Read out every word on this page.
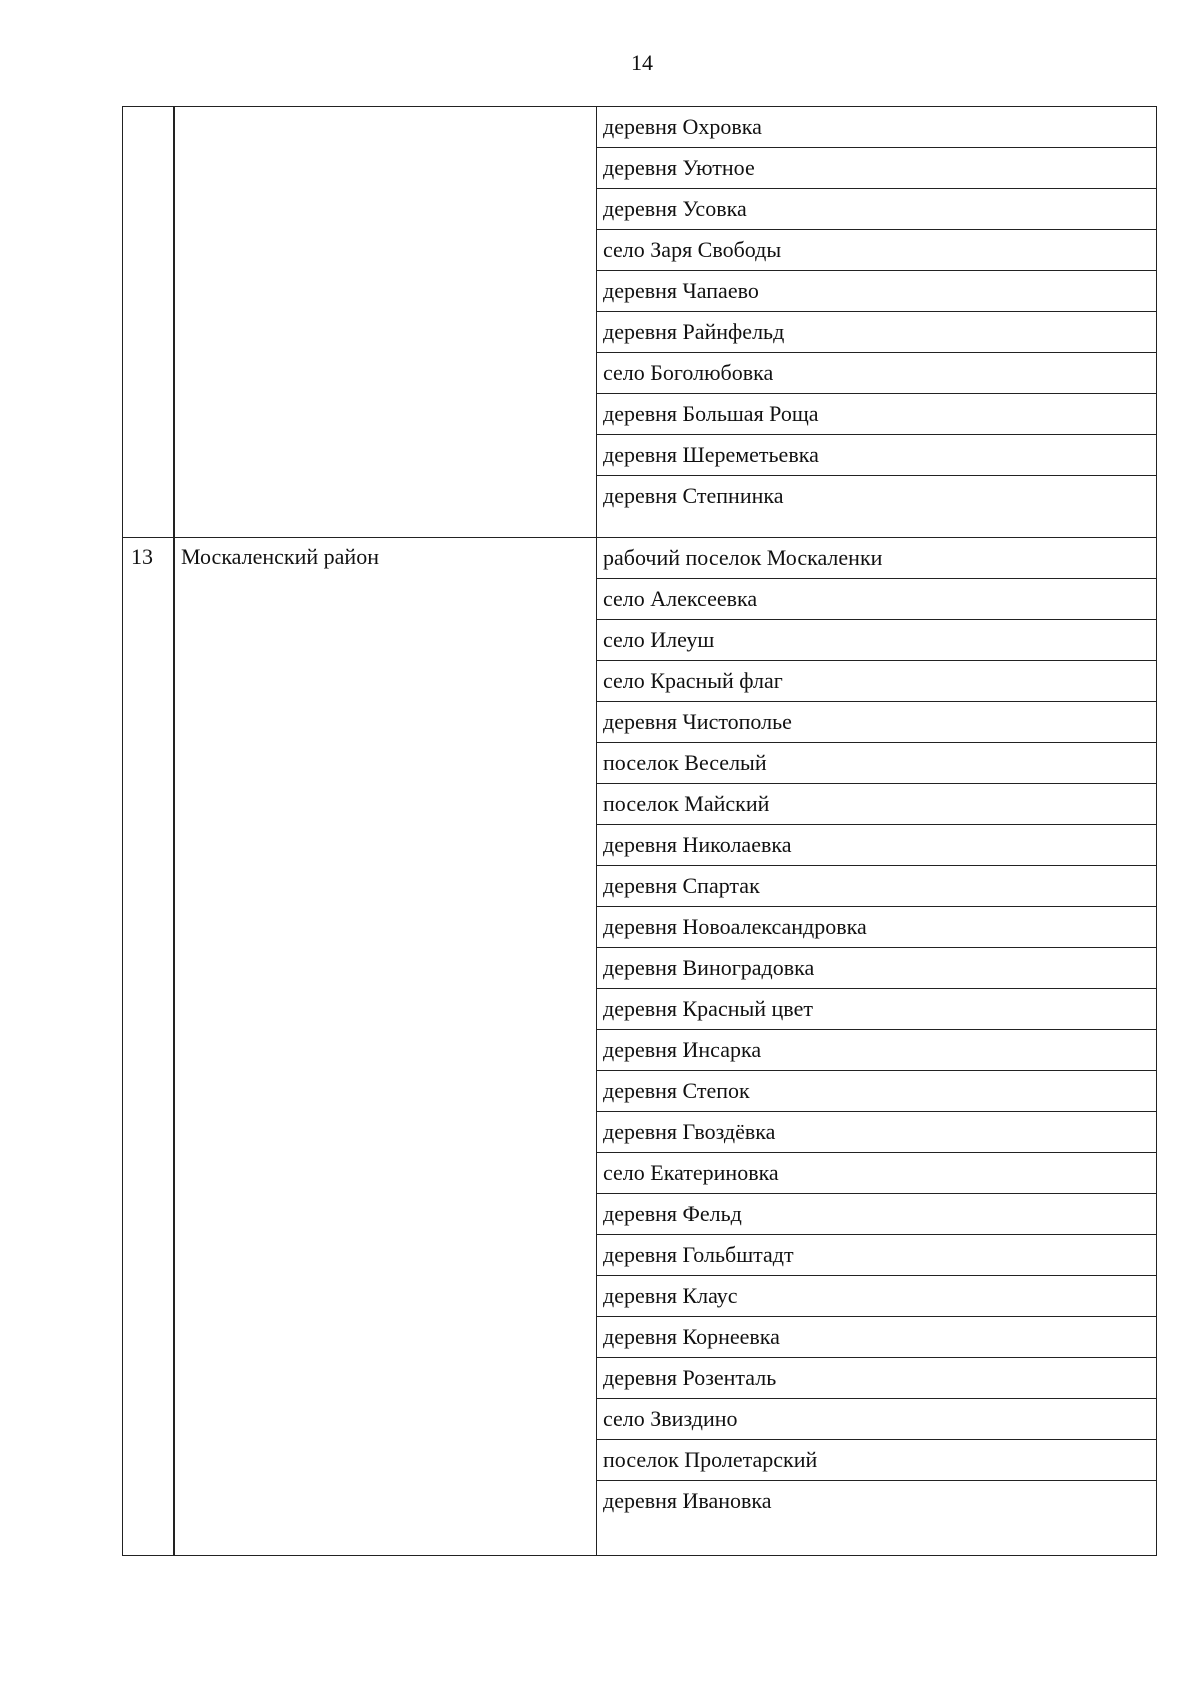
14
деревня Охровка
деревня Уютное
деревня Усовка
село Заря Свободы
деревня Чапаево
деревня Райнфельд
село Боголюбовка
деревня Большая Роща
деревня Шереметьевка
деревня Степнинка
13 Москаленский район	рабочий поселок Москаленки
село Алексеевка
село Илеуш
село Красный флаг
деревня Чистополье
поселок Веселый
поселок Майский
деревня Николаевка
деревня Спартак
деревня Новоалександровка
деревня Виноградовка
деревня Красный цвет
деревня Инсарка
деревня Степок
деревня Гвоздёвка
село Екатериновка
деревня Фельд
деревня Гольбштадт
деревня Клаус
деревня Корнеевка
деревня Розенталь
село Звиздино
поселок Пролетарский
деревня Ивановка
